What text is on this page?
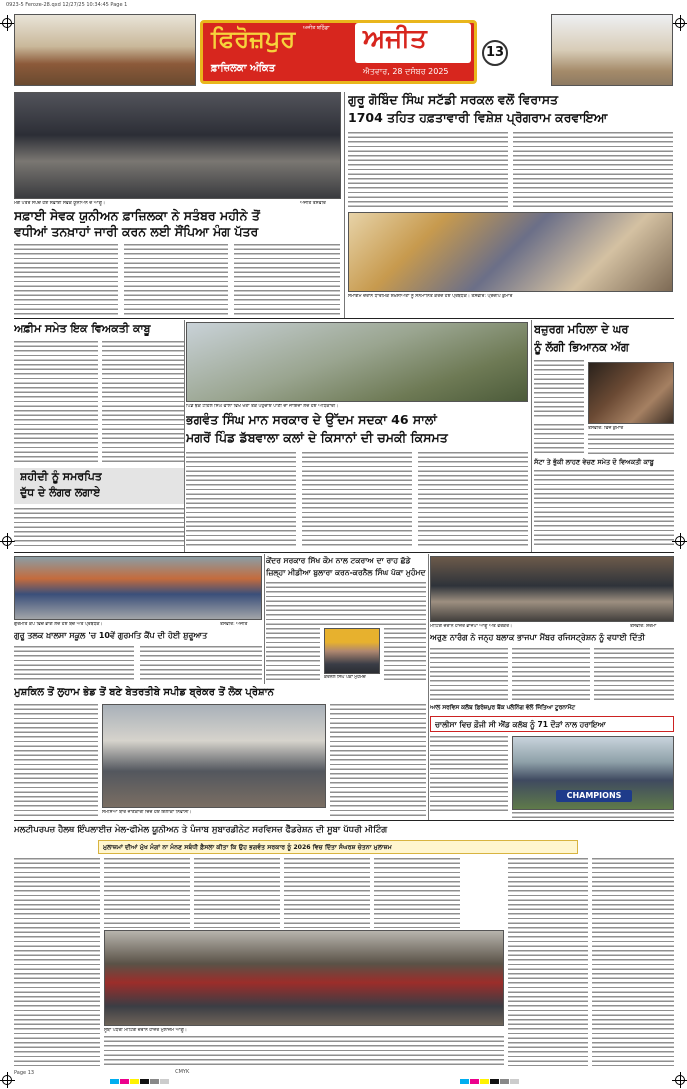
0923-5 Feroze-28.qxd 12/27/25 10:34:45 Page 1
ਫਿਰੋਜ਼ਪੁਰ	ਅਜੀਤ
ਅਜੀਤ ਬਠਿੰਡਾ
ਫ਼ਾਜ਼ਿਲਕਾ ਅੰਕਿਤ	ਐਤਵਾਰ, 28 ਦਸੰਬਰ 2025
13
ਗੁਰੂ ਗੋਬਿੰਦ ਸਿੰਘ ਸਟੱਡੀ ਸਰਕਲ ਵਲੋਂ ਵਿਰਾਸਤ
1704 ਤਹਿਤ ਹਫ਼ਤਾਵਾਰੀ ਵਿਸ਼ੇਸ਼ ਪ੍ਰੋਗਰਾਮ ਕਰਵਾਇਆ
ਸਮਾਗਮ ਦੌਰਾਨ ਧਾਰਮਿਕ ਸ਼ਖ਼ਸੀਅਤਾਂ ਨੂੰ ਸਨਮਾਨਿਤ ਕਰਦੇ ਹੋਏ ਪ੍ਰਬੰਧਕ। ਤਸਵੀਰ: ਪ੍ਰਦੀਪ ਕੁਮਾਰ
ਮੰਗ ਪੱਤਰ ਸੌਂਪਦੇ ਹੋਏ ਸਫ਼ਾਈ ਸੇਵਕ ਯੂਨੀਅਨ ਦੇ ਆਗੂ।	ਅਜੀਤ ਤਸਵੀਰ
ਸਫ਼ਾਈ ਸੇਵਕ ਯੂਨੀਅਨ ਫ਼ਾਜ਼ਿਲਕਾ ਨੇ ਸਤੰਬਰ ਮਹੀਨੇ ਤੋਂ
ਵਧੀਆਂ ਤਨਖ਼ਾਹਾਂ ਜਾਰੀ ਕਰਨ ਲਈ ਸੌਂਪਿਆ ਮੰਗ ਪੱਤਰ
ਅਫ਼ੀਮ ਸਮੇਤ ਇਕ ਵਿਅਕਤੀ ਕਾਬੂ
ਸ਼ਹੀਦੀ ਨੂੰ ਸਮਰਪਿਤ
ਦੁੱਧ ਦੇ ਲੰਗਰ ਲਗਾਏ
ਪਿੰਡ ਝੋਕ ਟਹਿਲ ਸਿੰਘ ਵਾਲਾ ਵਿਖੇ ਖੇਤਾਂ ਤੱਕ ਪਹੁੰਚਾਏ ਪਾਣੀ ਦਾ ਜਾਇਜ਼ਾ ਲੈਂਦੇ ਹੋਏ ਅਧਿਕਾਰੀ।
ਭਗਵੰਤ ਸਿੰਘ ਮਾਨ ਸਰਕਾਰ ਦੇ ਉੱਦਮ ਸਦਕਾ 46 ਸਾਲਾਂ
ਮਗਰੋਂ ਪਿੰਡ ਡੱਬਵਾਲਾ ਕਲਾਂ ਦੇ ਕਿਸਾਨਾਂ ਦੀ ਚਮਕੀ ਕਿਸਮਤ
ਬਜ਼ੁਰਗ ਮਹਿਲਾ ਦੇ ਘਰ
ਨੂੰ ਲੱਗੀ ਭਿਆਨਕ ਅੱਗ
ਤਸਵੀਰ: ਵਿਜੈ ਕੁਮਾਰ
ਸੱਟਾ ਤੇ ਭੁੱਕੀ ਲਾਹਣ ਵੇਚਣ ਸਮੇਤ ਦੋ ਵਿਅਕਤੀ ਕਾਬੂ
ਗੁਰਮਤਿ ਕੈਂਪ ਵਿਚ ਭਾਗ ਲੈਂਦੇ ਹੋਏ ਬੱਚੇ ਅਤੇ ਪ੍ਰਬੰਧਕ।	ਤਸਵੀਰ: ਅਜੀਤ
ਗੁਰੂ ਤਲਕ ਖ਼ਾਲਸਾ ਸਕੂਲ 'ਚ 10ਵੇਂ ਗੁਰਮਤਿ ਕੈਂਪ ਦੀ ਹੋਈ ਸ਼ੁਰੂਆਤ
ਕੇਂਦਰ ਸਰਕਾਰ ਸਿੱਖ ਕੌਮ ਨਾਲ ਟਕਰਾਅ ਦਾ ਰਾਹ ਛੱਡੇ
ਜ਼ਿਲ੍ਹਾ ਮੀਡੀਆ ਬੁਲਾਰਾ ਕਰਨ-ਕਰਨੈਲ ਸਿੰਘ ਪੱਕਾ ਮੁਹੰਮਦ
ਕਰਨੈਲ ਸਿੰਘ ਪੱਕਾ ਮੁਹੰਮਦ
ਮੀਟਿੰਗ ਦੌਰਾਨ ਹਾਜ਼ਰ ਭਾਜਪਾ ਆਗੂ ਅਤੇ ਵਰਕਰ।	ਤਸਵੀਰ: ਸ਼ਰਮਾ
ਅਰੁਣ ਨਾਰੰਗ ਨੇ ਜਨ੍ਹ ਬਲਾਕ ਭਾਜਪਾ ਮੈਂਬਰ ਰਜਿਸਟ੍ਰੇਸ਼ਨ ਨੂੰ ਵਧਾਈ ਦਿੱਤੀ
ਮੁਸ਼ਕਿਲ ਤੋਂ ਲੁਹਾਮ ਭੇਡ ਤੋਂ ਬਣੇ ਬੇਤਰਤੀਬੇ ਸਪੀਡ ਬ੍ਰੇਕਰ ਤੋਂ ਲੋਕ ਪ੍ਰੇਸ਼ਾਨ
ਸਮੱਸਿਆ ਬਾਰੇ ਜਾਣਕਾਰੀ ਦਿੰਦੇ ਹੋਏ ਇਲਾਕਾ ਨਿਵਾਸੀ।
ਆਲ ਸਰਵਿਸ ਕਲੱਬ ਫ਼ਿਰੋਜ਼ਪੁਰ ਬੈਂਕ ਪਲੈਨਿੰਗ ਵੱਲੋਂ ਜਿੱਤਿਆ ਟੂਰਨਾਮੈਂਟ
ਚਾਲੀਸਾ ਵਿਚ ਫ਼ੌਜੀ ਸੀ ਐਂਡ ਕਲੱਬ ਨੂੰ 71 ਦੌੜਾਂ ਨਾਲ ਹਰਾਇਆ
CHAMPIONS
ਮਲਟੀਪਰਪਜ਼ ਹੈਲਥ ਇੰਪਲਾਈਜ਼ ਮੇਲ-ਫੀਮੇਲ ਯੂਨੀਅਨ ਤੇ ਪੰਜਾਬ ਸੁਬਾਰਡੀਨੇਟ ਸਰਵਿਸਜ਼ ਫੈੱਡਰੇਸ਼ਨ ਦੀ ਸੂਬਾ ਪੱਧਰੀ ਮੀਟਿੰਗ
ਮੁਲਾਜ਼ਮਾਂ ਦੀਆਂ ਮੁੱਖ ਮੰਗਾਂ ਨਾ ਮੰਨਣ ਸਬੰਧੀ ਫ਼ੈਸਲਾ ਕੀਤਾ ਕਿ ਉਹ ਭਗਵੰਤ ਸਰਕਾਰ ਨੂੰ 2026 ਵਿਚ ਦਿੱਤਾ ਸੰਘਰਸ਼ ਚੇਤਨਾ ਮੁਲਾਜ਼ਮ
ਸੂਬਾ ਪੱਧਰੀ ਮੀਟਿੰਗ ਦੌਰਾਨ ਹਾਜ਼ਰ ਮੁਲਾਜ਼ਮ ਆਗੂ।
Page 13	$^{CMYK}$
